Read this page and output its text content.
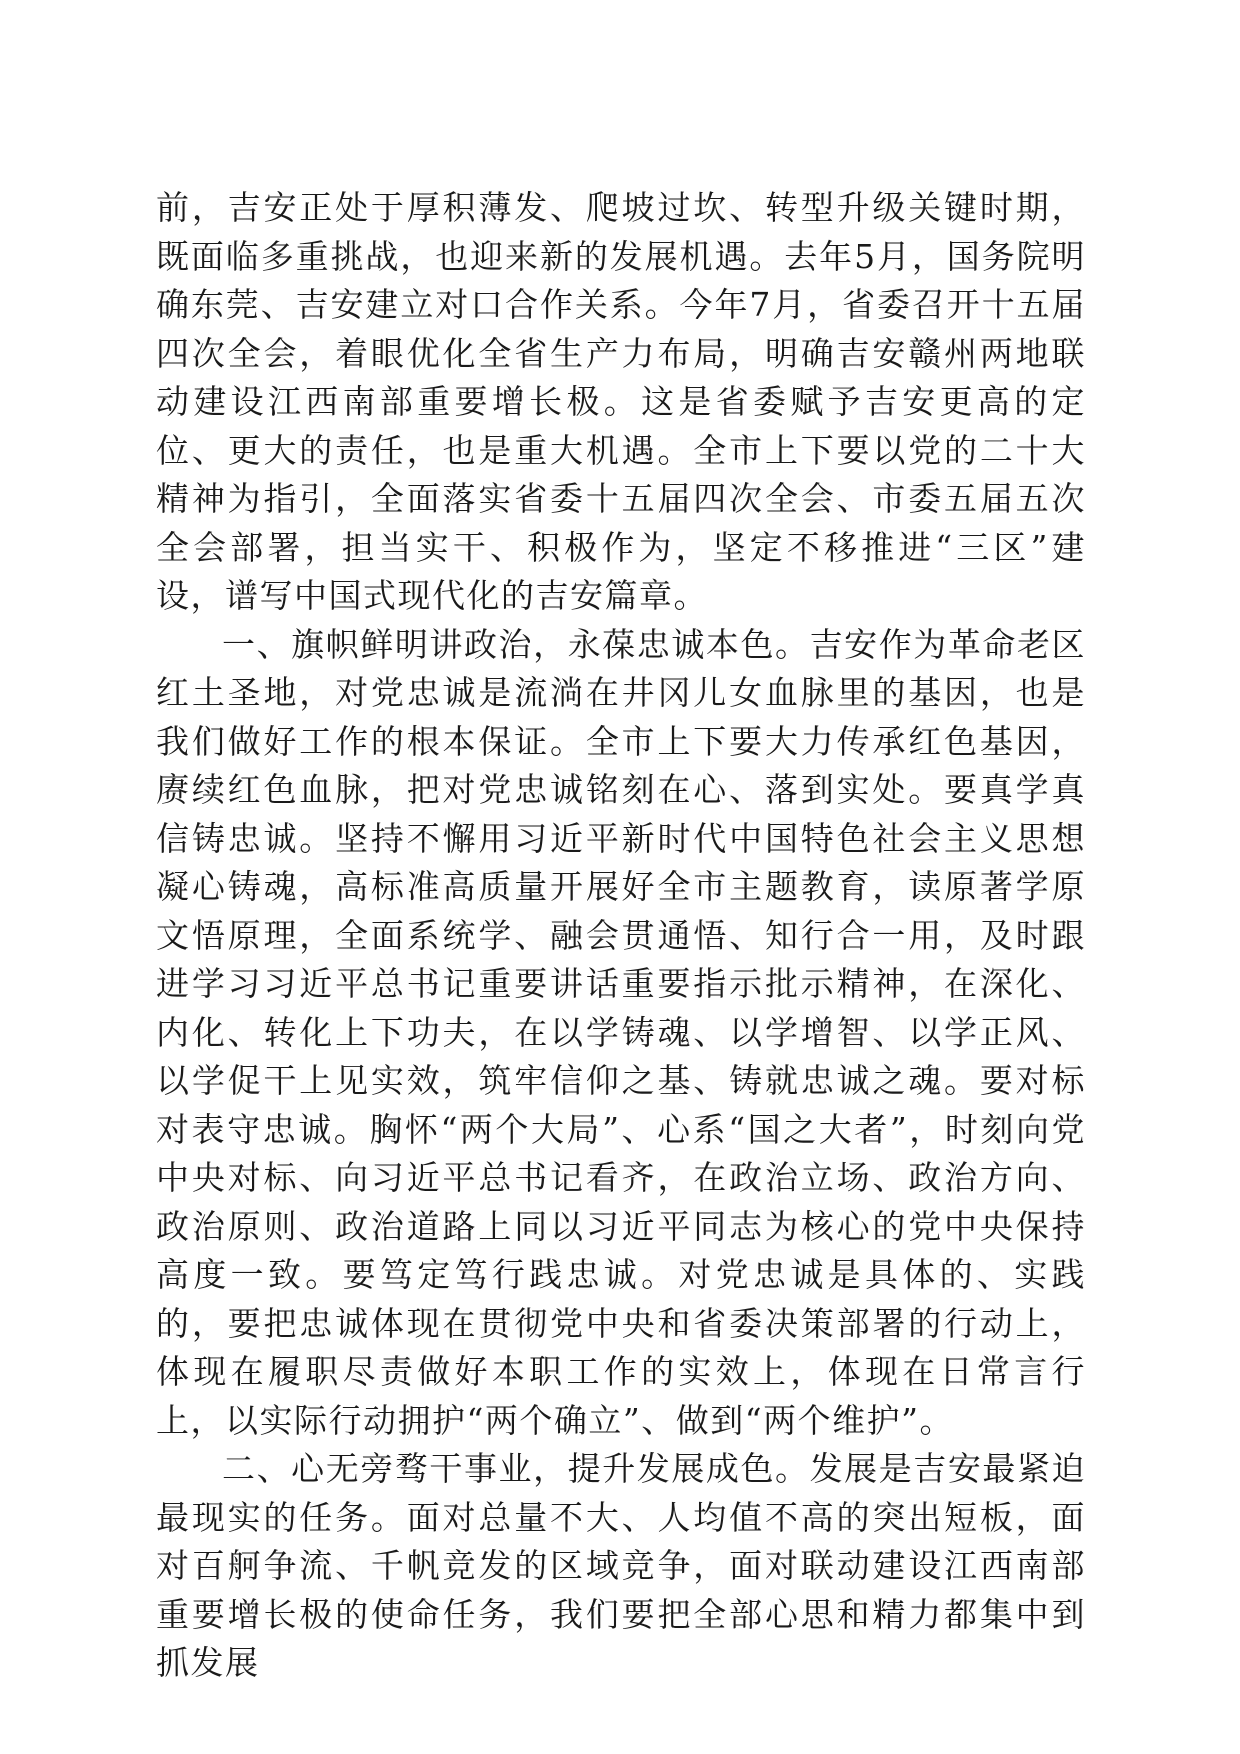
前，吉安正处于厚积薄发、爬坡过坎、转型升级关键时期，既面临多重挑战，也迎来新的发展机遇。去年5月，国务院明确东莞、吉安建立对口合作关系。今年7月，省委召开十五届四次全会，着眼优化全省生产力布局，明确吉安赣州两地联动建设江西南部重要增长极。这是省委赋予吉安更高的定位、更大的责任，也是重大机遇。全市上下要以党的二十大精神为指引，全面落实省委十五届四次全会、市委五届五次全会部署，担当实干、积极作为，坚定不移推进“三区”建设，谱写中国式现代化的吉安篇章。

一、旗帜鲜明讲政治，永葆忠诚本色。吉安作为革命老区红土圣地，对党忠诚是流淌在井冈儿女血脉里的基因，也是我们做好工作的根本保证。全市上下要大力传承红色基因，赓续红色血脉，把对党忠诚铭刻在心、落到实处。要真学真信铸忠诚。坚持不懈用习近平新时代中国特色社会主义思想凝心铸魂，高标准高质量开展好全市主题教育，读原著学原文悟原理，全面系统学、融会贯通悟、知行合一用，及时跟进学习习近平总书记重要讲话重要指示批示精神，在深化、内化、转化上下功夫，在以学铸魂、以学增智、以学正风、以学促干上见实效，筑牢信仰之基、铸就忠诚之魂。要对标对表守忠诚。胸怀“两个大局”、心系“国之大者”，时刻向党中央对标、向习近平总书记看齐，在政治立场、政治方向、政治原则、政治道路上同以习近平同志为核心的党中央保持高度一致。要笃定笃行践忠诚。对党忠诚是具体的、实践的，要把忠诚体现在贯彻党中央和省委决策部署的行动上，体现在履职尽责做好本职工作的实效上，体现在日常言行上，以实际行动拥护“两个确立”、做到“两个维护”。

二、心无旁骛干事业，提升发展成色。发展是吉安最紧迫最现实的任务。面对总量不大、人均值不高的突出短板，面对百舸争流、千帆竞发的区域竞争，面对联动建设江西南部重要增长极的使命任务，我们要把全部心思和精力都集中到抓发展
